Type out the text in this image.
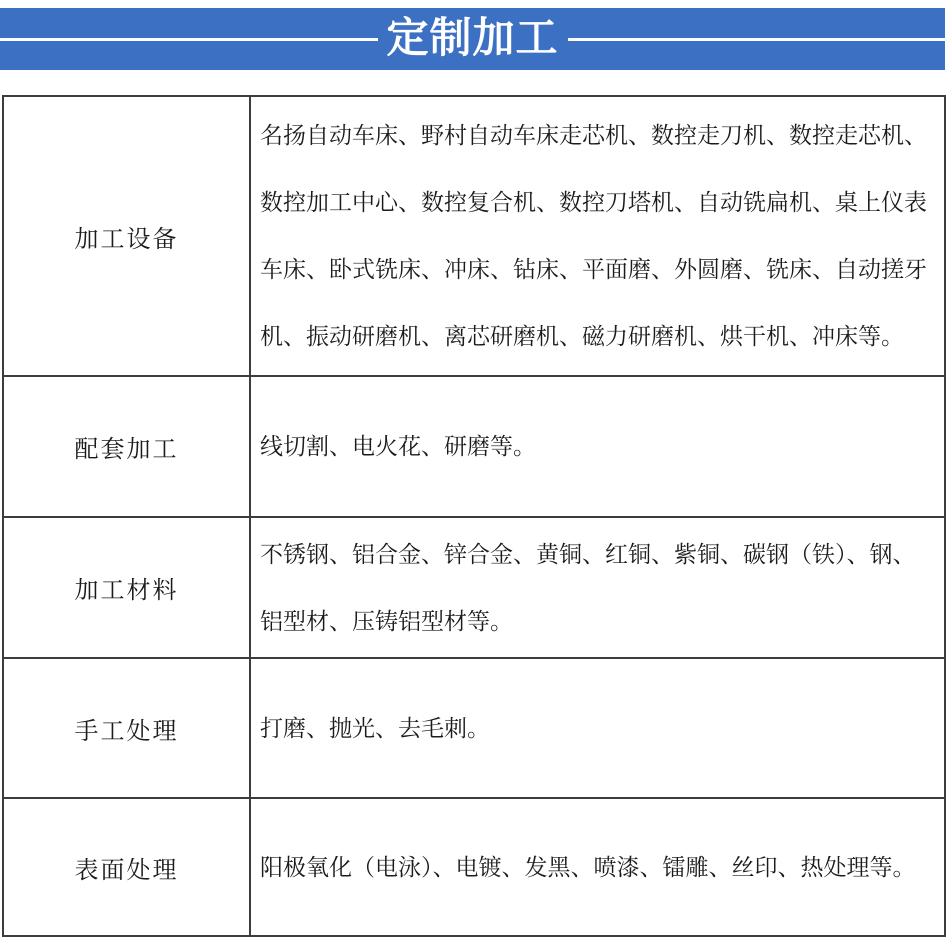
定制加工
加工设备	名扬自动车床、野村自动车床走芯机、数控走刀机、数控走芯机、
数控加工中心、数控复合机、数控刀塔机、自动铣扁机、桌上仪表
车床、卧式铣床、冲床、钻床、平面磨、外圆磨、铣床、自动搓牙
机、振动研磨机、离芯研磨机、磁力研磨机、烘干机、冲床等。

配套加工	线切割、电火花、研磨等。

加工材料	不锈钢、铝合金、锌合金、黄铜、红铜、紫铜、碳钢（铁）、钢、
铝型材、压铸铝型材等。

手工处理	打磨、抛光、去毛刺。

表面处理	阳极氧化（电泳）、电镀、发黑、喷漆、镭雕、丝印、热处理等。
